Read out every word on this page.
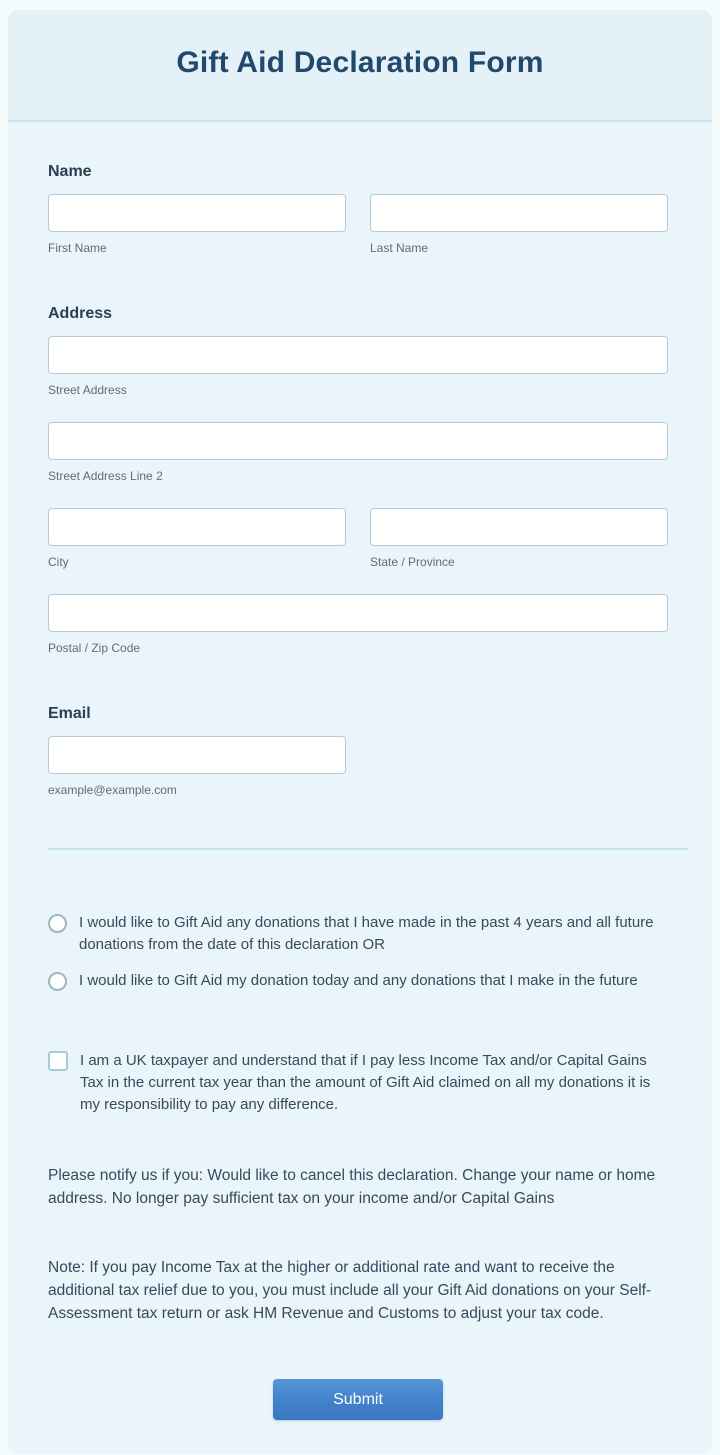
Gift Aid Declaration Form
Name
First Name	Last Name
Address
Street Address
Street Address Line 2
City	State / Province
Postal / Zip Code
Email
example@example.com
I would like to Gift Aid any donations that I have made in the past 4 years and all future donations from the date of this declaration OR
I would like to Gift Aid my donation today and any donations that I make in the future
I am a UK taxpayer and understand that if I pay less Income Tax and/or Capital Gains Tax in the current tax year than the amount of Gift Aid claimed on all my donations it is my responsibility to pay any difference.

Please notify us if you: Would like to cancel this declaration. Change your name or home address. No longer pay sufficient tax on your income and/or Capital Gains

Note: If you pay Income Tax at the higher or additional rate and want to receive the additional tax relief due to you, you must include all your Gift Aid donations on your Self-Assessment tax return or ask HM Revenue and Customs to adjust your tax code.

Submit
